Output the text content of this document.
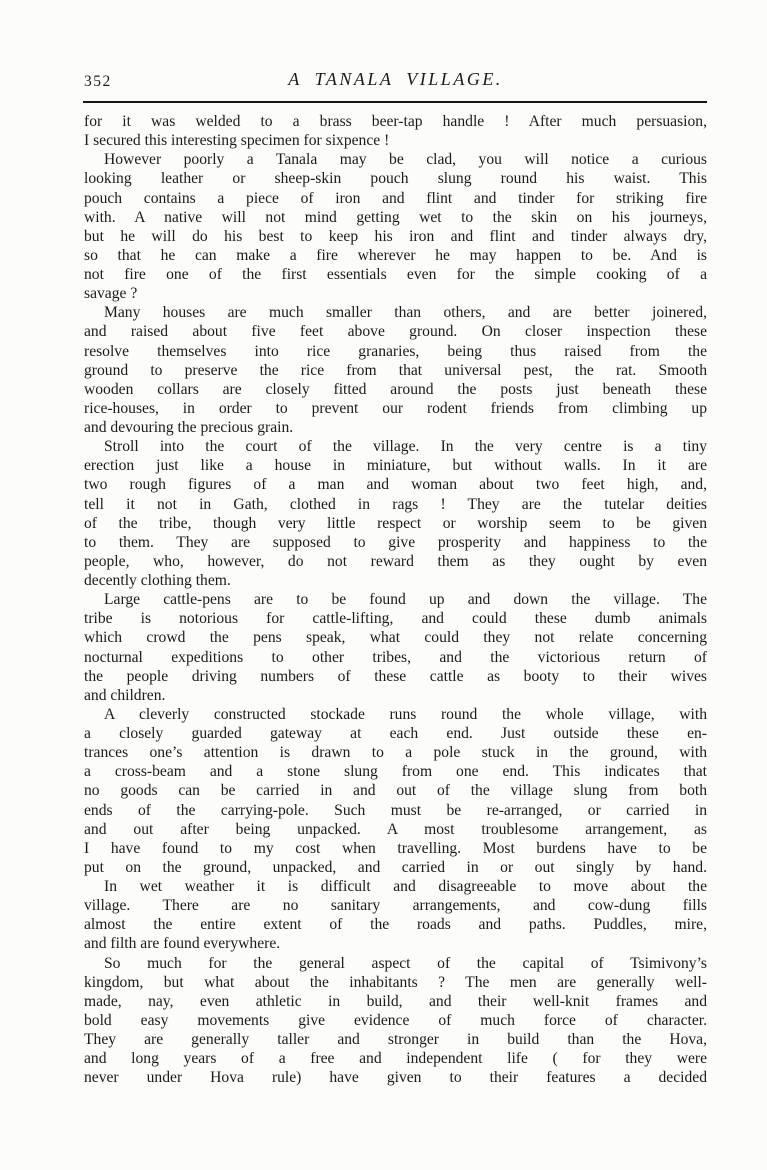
352	A TANALA VILLAGE.

for it was welded to a brass beer-tap handle ! After much persuasion,
I secured this interesting specimen for sixpence !

However poorly a Tanala may be clad, you will notice a curious
looking leather or sheep-skin pouch slung round his waist. This
pouch contains a piece of iron and flint and tinder for striking fire
with. A native will not mind getting wet to the skin on his journeys,
but he will do his best to keep his iron and flint and tinder always dry,
so that he can make a fire wherever he may happen to be. And is
not fire one of the first essentials even for the simple cooking of a
savage ?

Many houses are much smaller than others, and are better joinered,
and raised about five feet above ground. On closer inspection these
resolve themselves into rice granaries, being thus raised from the
ground to preserve the rice from that universal pest, the rat. Smooth
wooden collars are closely fitted around the posts just beneath these
rice-houses, in order to prevent our rodent friends from climbing up
and devouring the precious grain.

Stroll into the court of the village. In the very centre is a tiny
erection just like a house in miniature, but without walls. In it are
two rough figures of a man and woman about two feet high, and,
tell it not in Gath, clothed in rags ! They are the tutelar deities
of the tribe, though very little respect or worship seem to be given
to them. They are supposed to give prosperity and happiness to the
people, who, however, do not reward them as they ought by even
decently clothing them.

Large cattle-pens are to be found up and down the village. The
tribe is notorious for cattle-lifting, and could these dumb animals
which crowd the pens speak, what could they not relate concerning
nocturnal expeditions to other tribes, and the victorious return of
the people driving numbers of these cattle as booty to their wives
and children.

A cleverly constructed stockade runs round the whole village, with
a closely guarded gateway at each end. Just outside these en-
trances one’s attention is drawn to a pole stuck in the ground, with
a cross-beam and a stone slung from one end. This indicates that
no goods can be carried in and out of the village slung from both
ends of the carrying-pole. Such must be re-arranged, or carried in
and out after being unpacked. A most troublesome arrangement, as
I have found to my cost when travelling. Most burdens have to be
put on the ground, unpacked, and carried in or out singly by hand.

In wet weather it is difficult and disagreeable to move about the
village. There are no sanitary arrangements, and cow-dung fills
almost the entire extent of the roads and paths. Puddles, mire,
and filth are found everywhere.

So much for the general aspect of the capital of Tsimivony’s
kingdom, but what about the inhabitants ? The men are generally well-
made, nay, even athletic in build, and their well-knit frames and
bold easy movements give evidence of much force of character.
They are generally taller and stronger in build than the Hova,
and long years of a free and independent life ( for they were
never under Hova rule) have given to their features a decided
